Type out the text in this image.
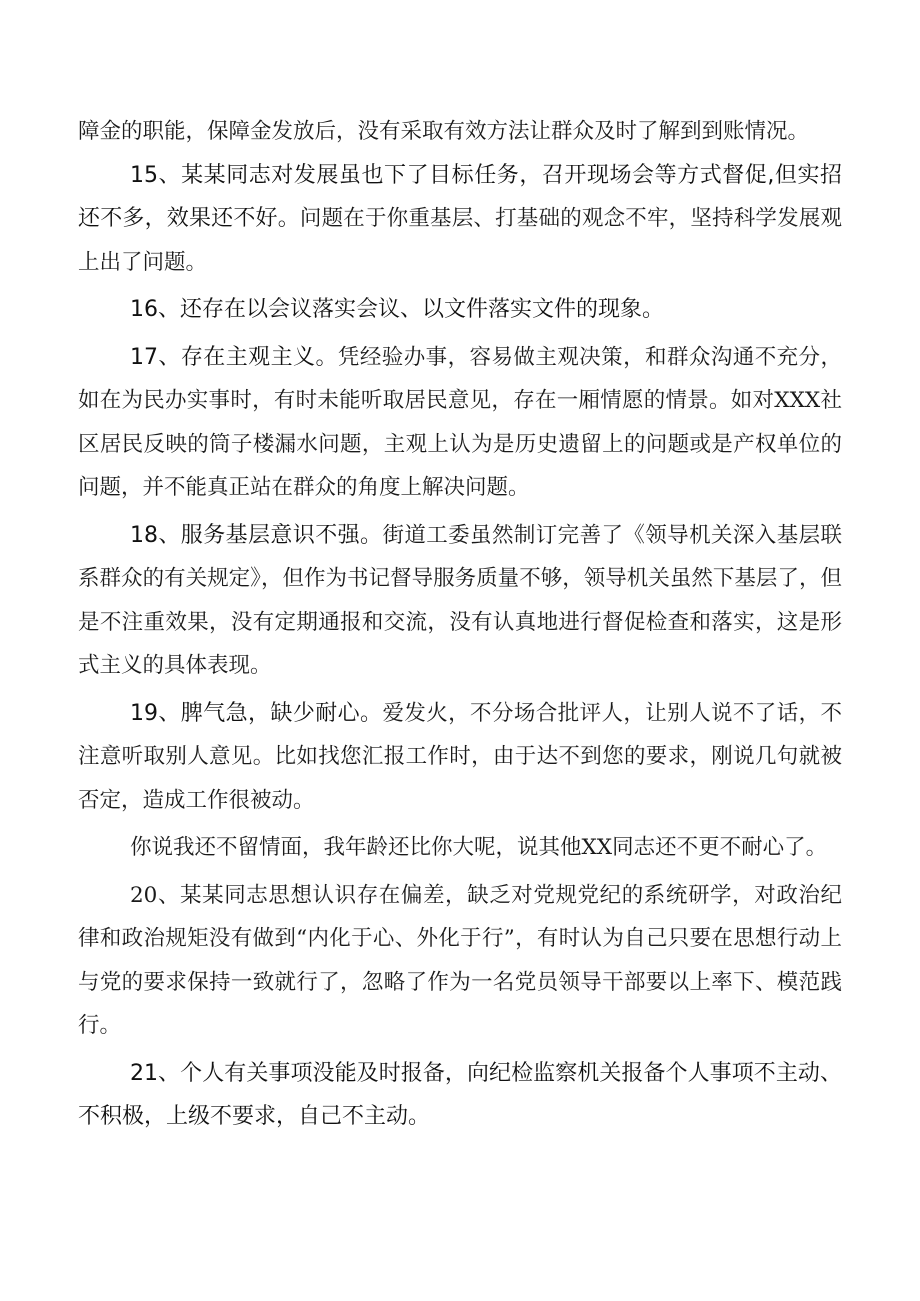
障金的职能，保障金发放后，没有采取有效方法让群众及时了解到到账情况。

15、某某同志对发展虽也下了目标任务，召开现场会等方式督促,但实招还不多，效果还不好。问题在于你重基层、打基础的观念不牢，坚持科学发展观上出了问题。

16、还存在以会议落实会议、以文件落实文件的现象。

17、存在主观主义。凭经验办事，容易做主观决策，和群众沟通不充分，如在为民办实事时，有时未能听取居民意见，存在一厢情愿的情景。如对XXX社区居民反映的筒子楼漏水问题，主观上认为是历史遗留上的问题或是产权单位的问题，并不能真正站在群众的角度上解决问题。

18、服务基层意识不强。街道工委虽然制订完善了《领导机关深入基层联系群众的有关规定》，但作为书记督导服务质量不够，领导机关虽然下基层了，但是不注重效果，没有定期通报和交流，没有认真地进行督促检查和落实，这是形式主义的具体表现。

19、脾气急，缺少耐心。爱发火，不分场合批评人，让别人说不了话，不注意听取别人意见。比如找您汇报工作时，由于达不到您的要求，刚说几句就被否定，造成工作很被动。

你说我还不留情面，我年龄还比你大呢，说其他XX同志还不更不耐心了。

20、某某同志思想认识存在偏差，缺乏对党规党纪的系统研学，对政治纪律和政治规矩没有做到“内化于心、外化于行”，有时认为自己只要在思想行动上与党的要求保持一致就行了，忽略了作为一名党员领导干部要以上率下、模范践行。

21、个人有关事项没能及时报备，向纪检监察机关报备个人事项不主动、不积极，上级不要求，自己不主动。
